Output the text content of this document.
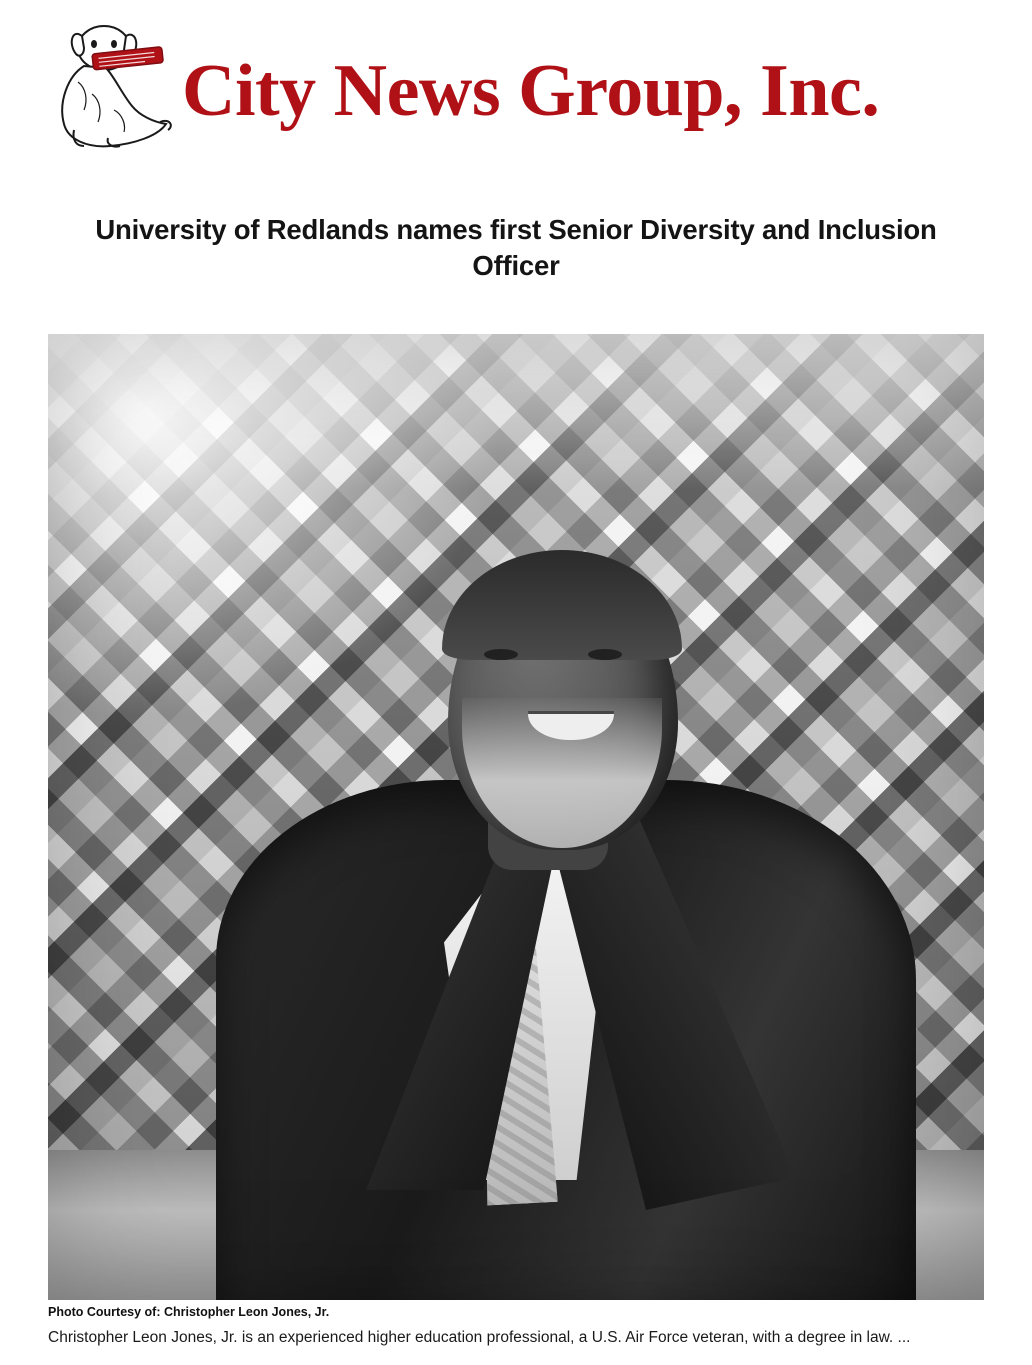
City News Group, Inc.
University of Redlands names first Senior Diversity and Inclusion Officer
Photo Courtesy of: Christopher Leon Jones, Jr.
Christopher Leon Jones, Jr. is an experienced higher education professional, a U.S. Air Force veteran, with a degree in law. ...
